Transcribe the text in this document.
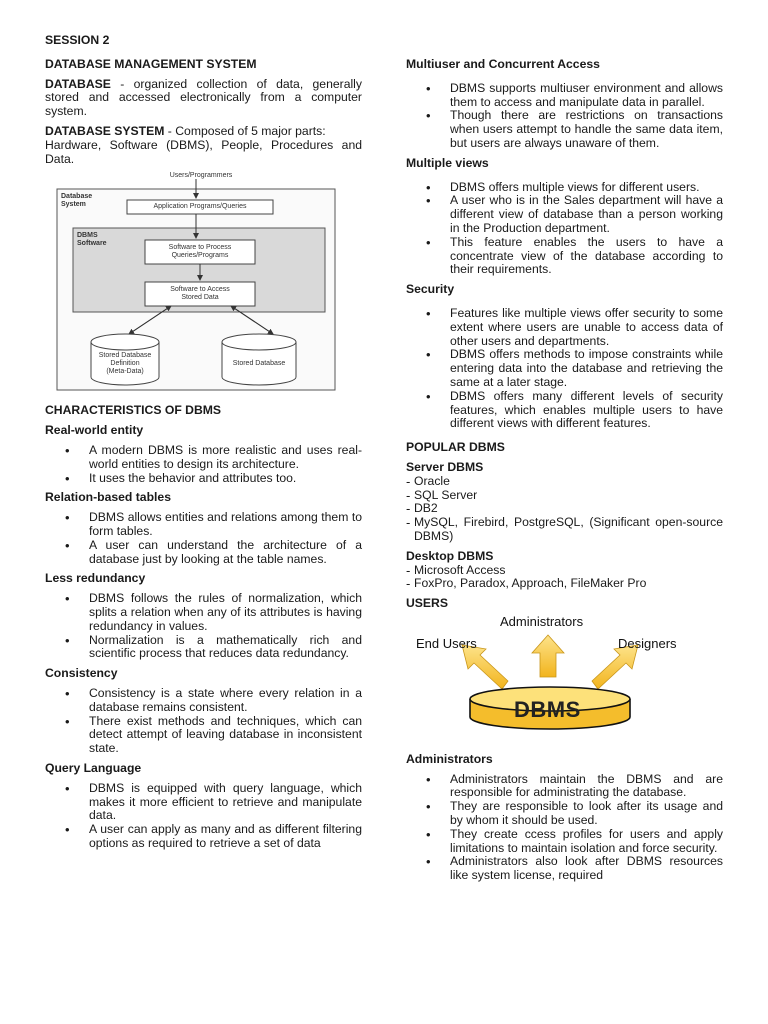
SESSION 2
DATABASE MANAGEMENT SYSTEM

DATABASE - organized collection of data, generally stored and accessed electronically from a computer system.

DATABASE SYSTEM - Composed of 5 major parts:

Hardware, Software (DBMS), People, Procedures and Data.

Users/Programmers
Database
System	Application Programs/Queries
DBMS
Software
Software to Process
Queries/Programs
Software to Access
Stored Data
Stored Database
Definition
(Meta-Data)
Stored Database
CHARACTERISTICS OF DBMS
Real-world entity
• A modern DBMS is more realistic and uses real-world entities to design its architecture.
• It uses the behavior and attributes too.
Relation-based tables
• DBMS allows entities and relations among them to form tables.
• A user can understand the architecture of a database just by looking at the table names.
Less redundancy
• DBMS follows the rules of normalization, which splits a relation when any of its attributes is having redundancy in values.
• Normalization is a mathematically rich and scientific process that reduces data redundancy.
Consistency
• Consistency is a state where every relation in a database remains consistent.
• There exist methods and techniques, which can detect attempt of leaving database in inconsistent state.
Query Language
• DBMS is equipped with query language, which makes it more efficient to retrieve and manipulate data.
• A user can apply as many and as different filtering options as required to retrieve a set of data
Multiuser and Concurrent Access
• DBMS supports multiuser environment and allows them to access and manipulate data in parallel.
• Though there are restrictions on transactions when users attempt to handle the same data item, but users are always unaware of them.
Multiple views
• DBMS offers multiple views for different users.
• A user who is in the Sales department will have a different view of database than a person working in the Production department.
• This feature enables the users to have a concentrate view of the database according to their requirements.
Security
• Features like multiple views offer security to some extent where users are unable to access data of other users and departments.
• DBMS offers methods to impose constraints while entering data into the database and retrieving the same at a later stage.
• DBMS offers many different levels of security features, which enables multiple users to have different views with different features.
POPULAR DBMS
Server DBMS
- Oracle
- SQL Server
- DB2
- MySQL, Firebird, PostgreSQL, (Significant open-source DBMS)
Desktop DBMS
- Microsoft Access
- FoxPro, Paradox, Approach, FileMaker Pro
USERS
Administrators
End Users	Designers
DBMS
Administrators
• Administrators maintain the DBMS and are responsible for administrating the database.
• They are responsible to look after its usage and by whom it should be used.
• They create ccess profiles for users and apply limitations to maintain isolation and force security.
• Administrators also look after DBMS resources like system license, required
